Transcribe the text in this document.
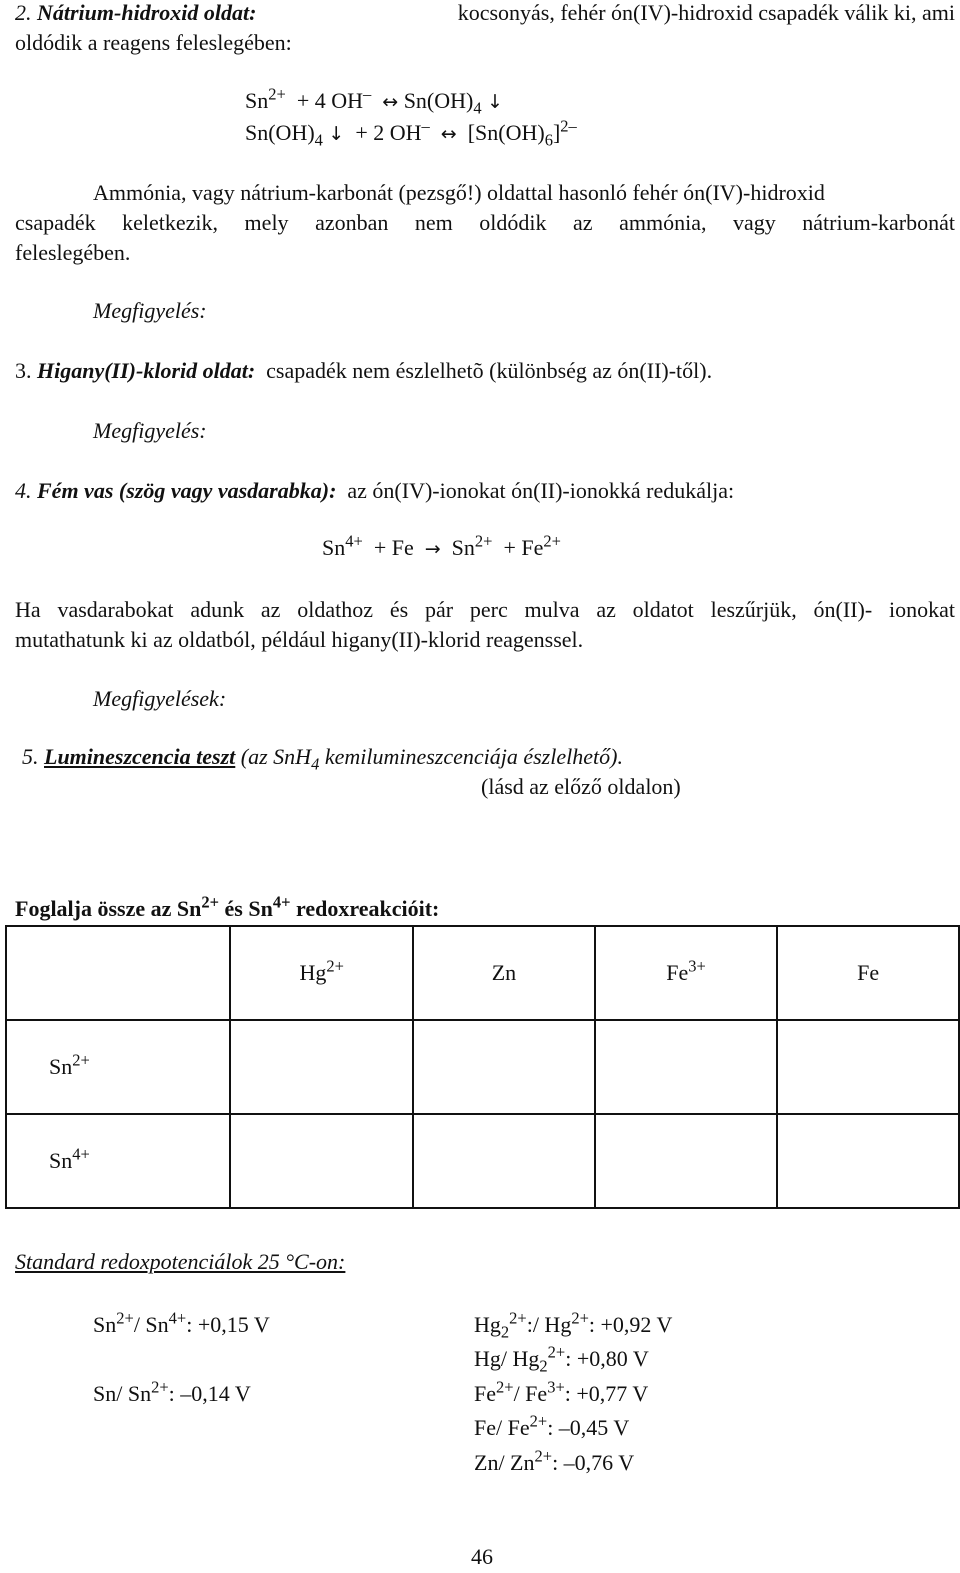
2. Nátrium-hidroxid oldat:	kocsonyás, fehér ón(IV)-hidroxid csapadék válik ki, ami
oldódik a reagens feleslegében:
$Sn^{2+} + 4$ OH– ↔ $Sn(OH)_4$ ↓
$Sn(OH)_4$ ↓ + 2 OH– ↔ $[Sn(OH)_6]^{2-}$
Ammónia, vagy nátrium-karbonát (pezsgő!) oldattal hasonló fehér ón(IV)-hidroxid
csapadék keletkezik, mely azonban nem oldódik az ammónia, vagy nátrium-karbonát
feleslegében.
Megfigyelés:
3. Higany(II)-klorid oldat: csapadék nem észlelhetõ (különbség az ón(II)-től).
Megfigyelés:
4. Fém vas (szög vagy vasdarabka): az ón(IV)-ionokat ón(II)-ionokká redukálja:
$Sn^{4+} + Fe \to Sn^{2+} + Fe^{2+}$
Ha vasdarabokat adunk az oldathoz és pár perc mulva az oldatot leszűrjük, ón(II)- ionokat
mutathatunk ki az oldatból, például higany(II)-klorid reagenssel.
Megfigyelések:
5. Lumineszcencia teszt (az SnH$_4$ kemilumineszcenciája észlelhető).
(lásd az előző oldalon)
Foglalja össze az $Sn^{2+}$ és $Sn^{4+}$ redoxreakcióit:
	$Hg^{2+}$	Zn	$Fe^{3+}$	Fe
$Sn^{2+}$				
$Sn^{4+}$				
Standard redoxpotenciálok 25 °C-on:
$Sn^{2+}/$ $Sn^{4+}$: +0,15 V
Sn/ $Sn^{2+}$: –0,14 V
$Hg_2^{2+}:/$ $Hg^{2+}$: +0,92 V
Hg/ $Hg_2^{2+}$: +0,80 V
$Fe^{2+}/$ $Fe^{3+}$: +0,77 V
Fe/ $Fe^{2+}$: –0,45 V
Zn/ $Zn^{2+}$: –0,76 V
46
